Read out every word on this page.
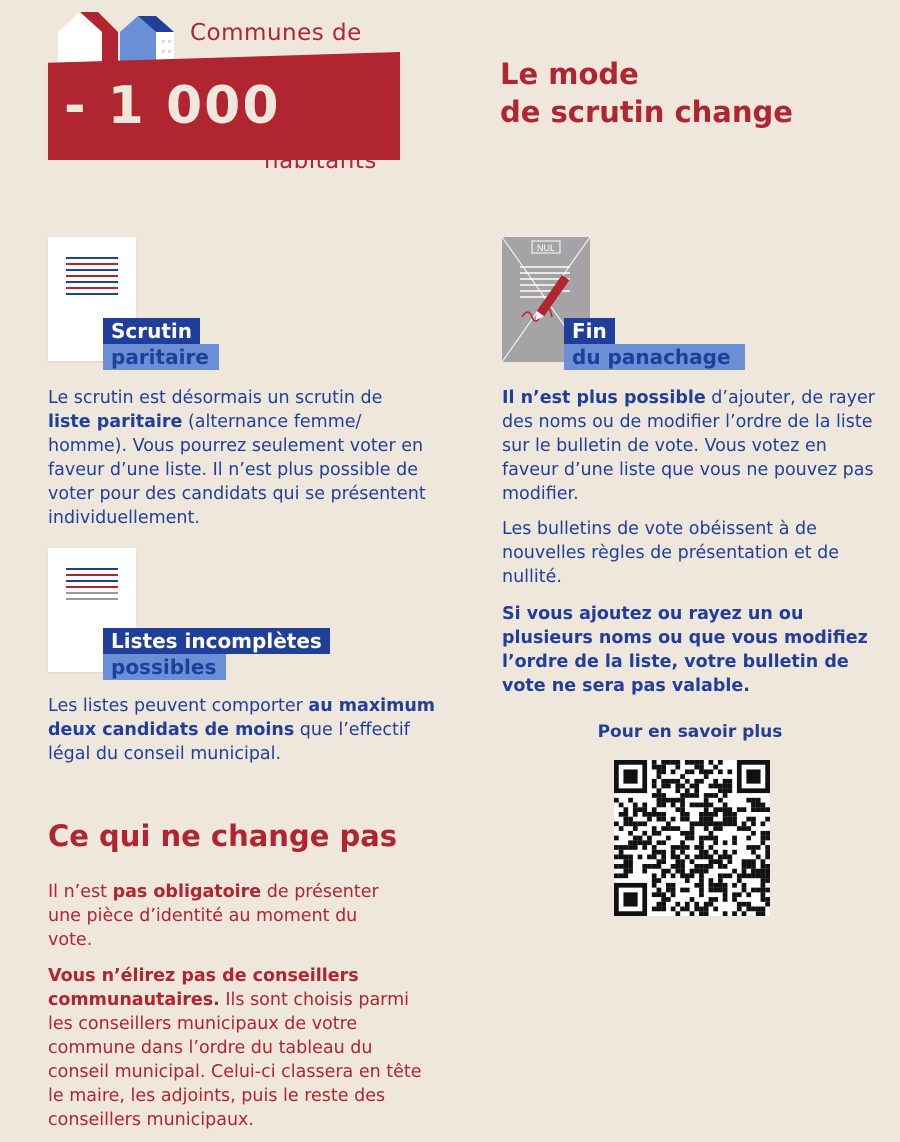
Communes de
- 1 000
habitants
Le mode
de scrutin change
Scrutin
paritaire

Le scrutin est désormais un scrutin de liste paritaire (alternance femme/ homme). Vous pourrez seulement voter en faveur d’une liste. Il n’est plus possible de voter pour des candidats qui se présentent individuellement.

Listes incomplètes
possibles

Les listes peuvent comporter au maximum deux candidats de moins que l’effectif légal du conseil municipal.

NUL
Fin
du panachage

Il n’est plus possible d’ajouter, de rayer des noms ou de modifier l’ordre de la liste sur le bulletin de vote. Vous votez en faveur d’une liste que vous ne pouvez pas modifier.

Les bulletins de vote obéissent à de nouvelles règles de présentation et de nullité.

Si vous ajoutez ou rayez un ou plusieurs noms ou que vous modifiez l’ordre de la liste, votre bulletin de vote ne sera pas valable.

Pour en savoir plus
Ce qui ne change pas

Il n’est pas obligatoire de présenter une pièce d’identité au moment du vote.

Vous n’élirez pas de conseillers communautaires. Ils sont choisis parmi les conseillers municipaux de votre commune dans l’ordre du tableau du conseil municipal. Celui-ci classera en tête le maire, les adjoints, puis le reste des conseillers municipaux.
